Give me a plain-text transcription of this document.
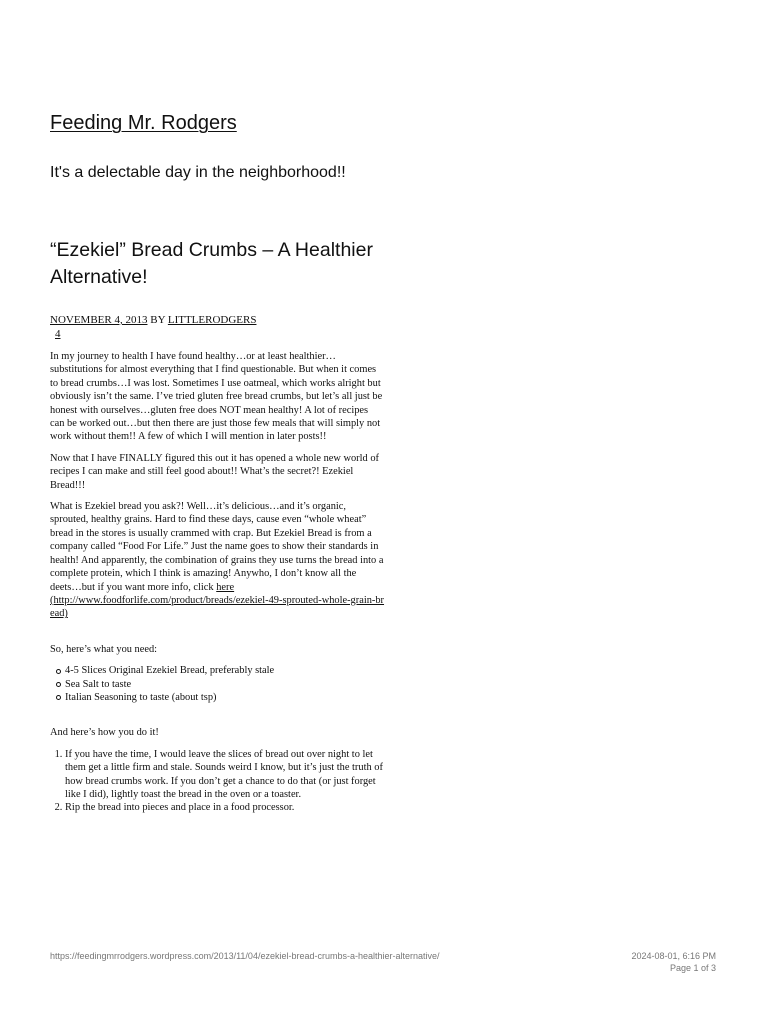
Feeding Mr. Rodgers
It's a delectable day in the neighborhood!!
“Ezekiel” Bread Crumbs – A Healthier Alternative!
NOVEMBER 4, 2013 BY LITTLERODGERS
4

In my journey to health I have found healthy…or at least healthier…substitutions for almost everything that I find questionable. But when it comes to bread crumbs…I was lost. Sometimes I use oatmeal, which works alright but obviously isn’t the same. I’ve tried gluten free bread crumbs, but let’s all just be honest with ourselves…gluten free does NOT mean healthy! A lot of recipes can be worked out…but then there are just those few meals that will simply not work without them!! A few of which I will mention in later posts!!

Now that I have FINALLY figured this out it has opened a whole new world of recipes I can make and still feel good about!! What’s the secret?! Ezekiel Bread!!!

What is Ezekiel bread you ask?! Well…it’s delicious…and it’s organic, sprouted, healthy grains. Hard to find these days, cause even “whole wheat” bread in the stores is usually crammed with crap. But Ezekiel Bread is from a company called “Food For Life.” Just the name goes to show their standards in health! And apparently, the combination of grains they use turns the bread into a complete protein, which I think is amazing! Anywho, I don’t know all the deets…but if you want more info, click here
(http://www.foodforlife.com/product/breads/ezekiel-49-sprouted-whole-grain-bread)

So, here’s what you need:

4-5 Slices Original Ezekiel Bread, preferably stale
Sea Salt to taste
Italian Seasoning to taste (about tsp)

And here’s how you do it!

1. If you have the time, I would leave the slices of bread out over night to let them get a little firm and stale. Sounds weird I know, but it’s just the truth of how bread crumbs work. If you don’t get a chance to do that (or just forget like I did), lightly toast the bread in the oven or a toaster.
2. Rip the bread into pieces and place in a food processor.
https://feedingmrrodgers.wordpress.com/2013/11/04/ezekiel-bread-crumbs-a-healthier-alternative/	2024-08-01, 6:16 PM
Page 1 of 3
